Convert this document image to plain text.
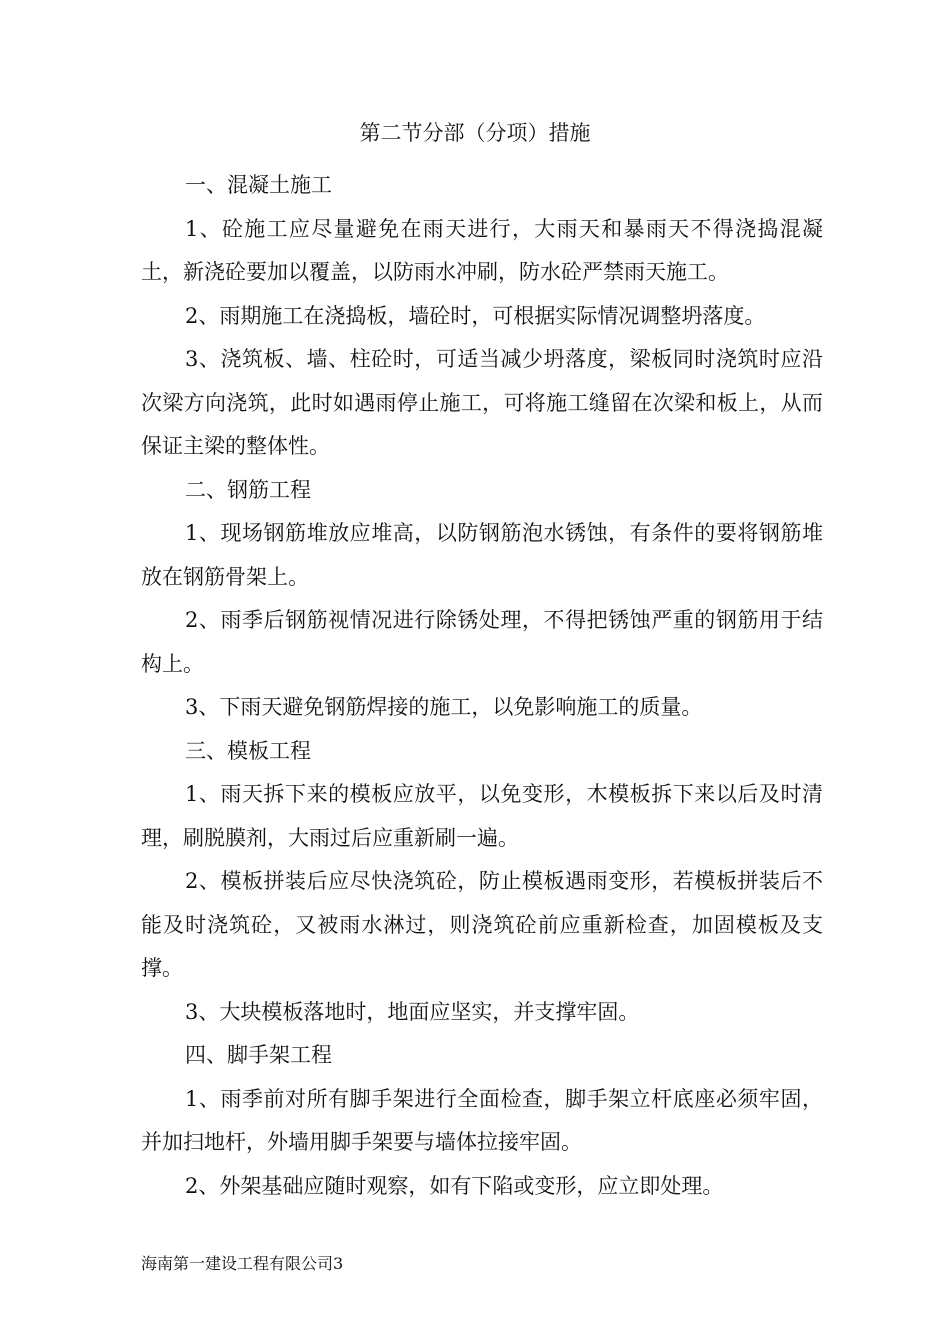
第二节分部（分项）措施

一、混凝土施工

1、砼施工应尽量避免在雨天进行，大雨天和暴雨天不得浇捣混凝土，新浇砼要加以覆盖，以防雨水冲刷，防水砼严禁雨天施工。

2、雨期施工在浇捣板，墙砼时，可根据实际情况调整坍落度。

3、浇筑板、墙、柱砼时，可适当减少坍落度，梁板同时浇筑时应沿次梁方向浇筑，此时如遇雨停止施工，可将施工缝留在次梁和板上，从而保证主梁的整体性。

二、钢筋工程

1、现场钢筋堆放应堆高，以防钢筋泡水锈蚀，有条件的要将钢筋堆放在钢筋骨架上。

2、雨季后钢筋视情况进行除锈处理，不得把锈蚀严重的钢筋用于结构上。

3、下雨天避免钢筋焊接的施工，以免影响施工的质量。

三、模板工程

1、雨天拆下来的模板应放平，以免变形，木模板拆下来以后及时清理，刷脱膜剂，大雨过后应重新刷一遍。

2、模板拼装后应尽快浇筑砼，防止模板遇雨变形，若模板拼装后不能及时浇筑砼，又被雨水淋过，则浇筑砼前应重新检查，加固模板及支撑。

3、大块模板落地时，地面应坚实，并支撑牢固。

四、脚手架工程

1、雨季前对所有脚手架进行全面检查，脚手架立杆底座必须牢固，并加扫地杆，外墙用脚手架要与墙体拉接牢固。

2、外架基础应随时观察，如有下陷或变形，应立即处理。

海南第一建设工程有限公司3
